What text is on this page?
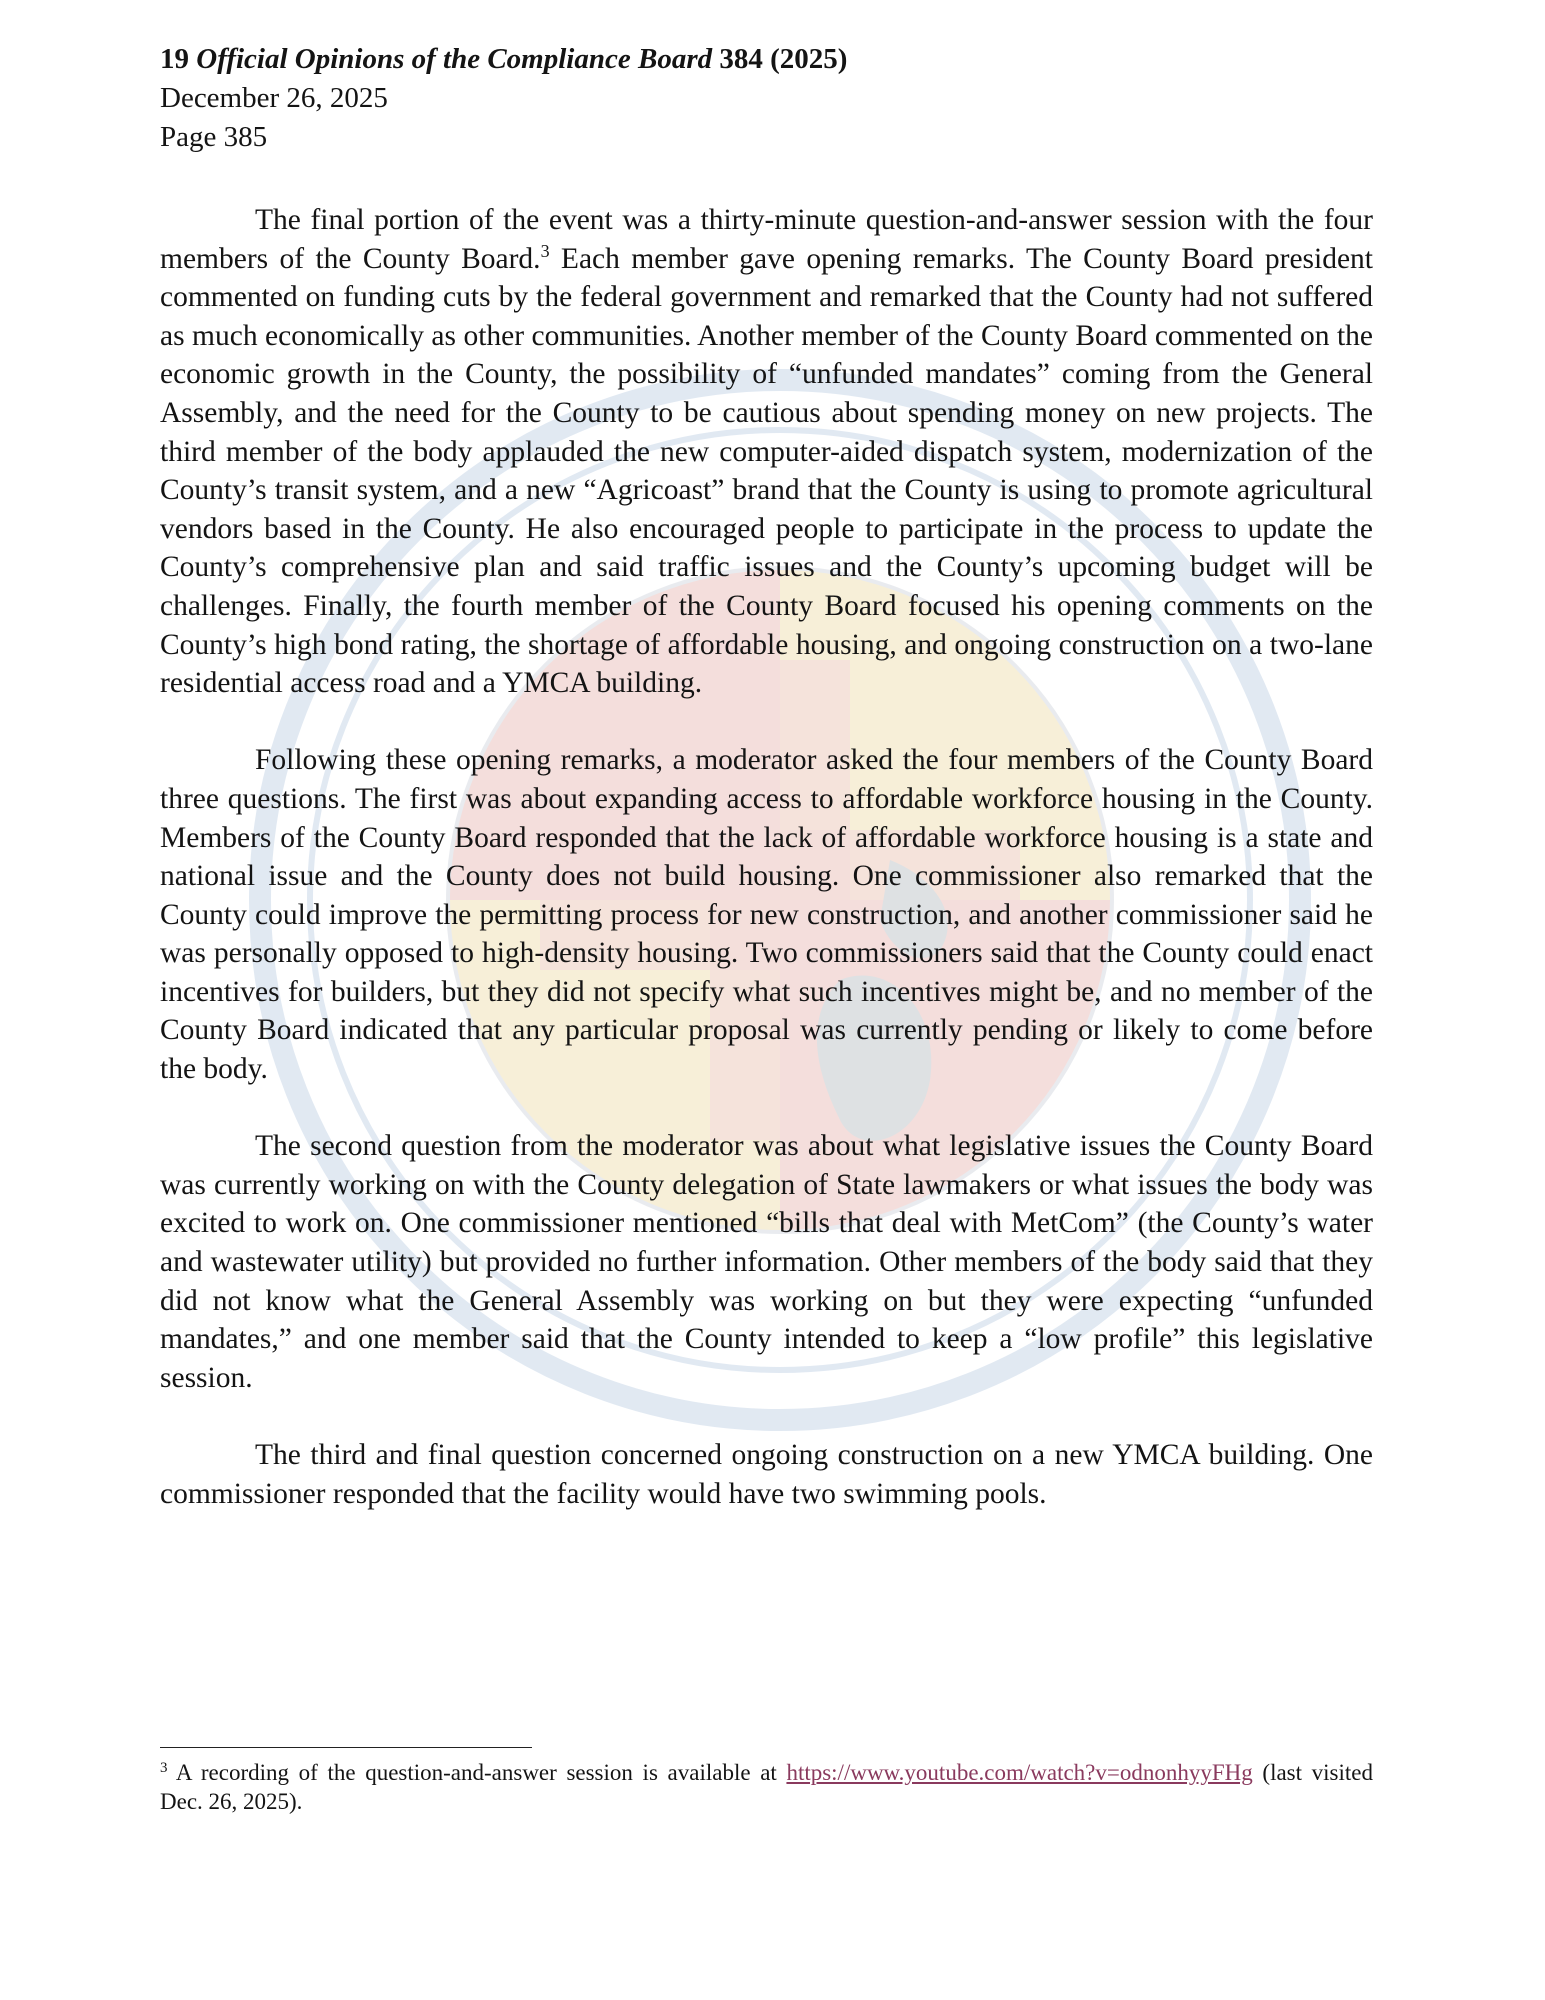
19 Official Opinions of the Compliance Board 384 (2025)
December 26, 2025
Page 385

The final portion of the event was a thirty-minute question-and-answer session with the four members of the County Board.$^3$ Each member gave opening remarks. The County Board president commented on funding cuts by the federal government and remarked that the County had not suffered as much economically as other communities. Another member of the County Board commented on the economic growth in the County, the possibility of “unfunded mandates” coming from the General Assembly, and the need for the County to be cautious about spending money on new projects. The third member of the body applauded the new computer-aided dispatch system, modernization of the County’s transit system, and a new “Agricoast” brand that the County is using to promote agricultural vendors based in the County. He also encouraged people to participate in the process to update the County’s comprehensive plan and said traffic issues and the County’s upcoming budget will be challenges. Finally, the fourth member of the County Board focused his opening comments on the County’s high bond rating, the shortage of affordable housing, and ongoing construction on a two-lane residential access road and a YMCA building.

Following these opening remarks, a moderator asked the four members of the County Board three questions. The first was about expanding access to affordable workforce housing in the County. Members of the County Board responded that the lack of affordable workforce housing is a state and national issue and the County does not build housing. One commissioner also remarked that the County could improve the permitting process for new construction, and another commissioner said he was personally opposed to high-density housing. Two commissioners said that the County could enact incentives for builders, but they did not specify what such incentives might be, and no member of the County Board indicated that any particular proposal was currently pending or likely to come before the body.

The second question from the moderator was about what legislative issues the County Board was currently working on with the County delegation of State lawmakers or what issues the body was excited to work on. One commissioner mentioned “bills that deal with MetCom” (the County’s water and wastewater utility) but provided no further information. Other members of the body said that they did not know what the General Assembly was working on but they were expecting “unfunded mandates,” and one member said that the County intended to keep a “low profile” this legislative session.

The third and final question concerned ongoing construction on a new YMCA building. One commissioner responded that the facility would have two swimming pools.

$^3$ A recording of the question-and-answer session is available at https://www.youtube.com/watch?v=odnonhyyFHg (last visited Dec. 26, 2025).
